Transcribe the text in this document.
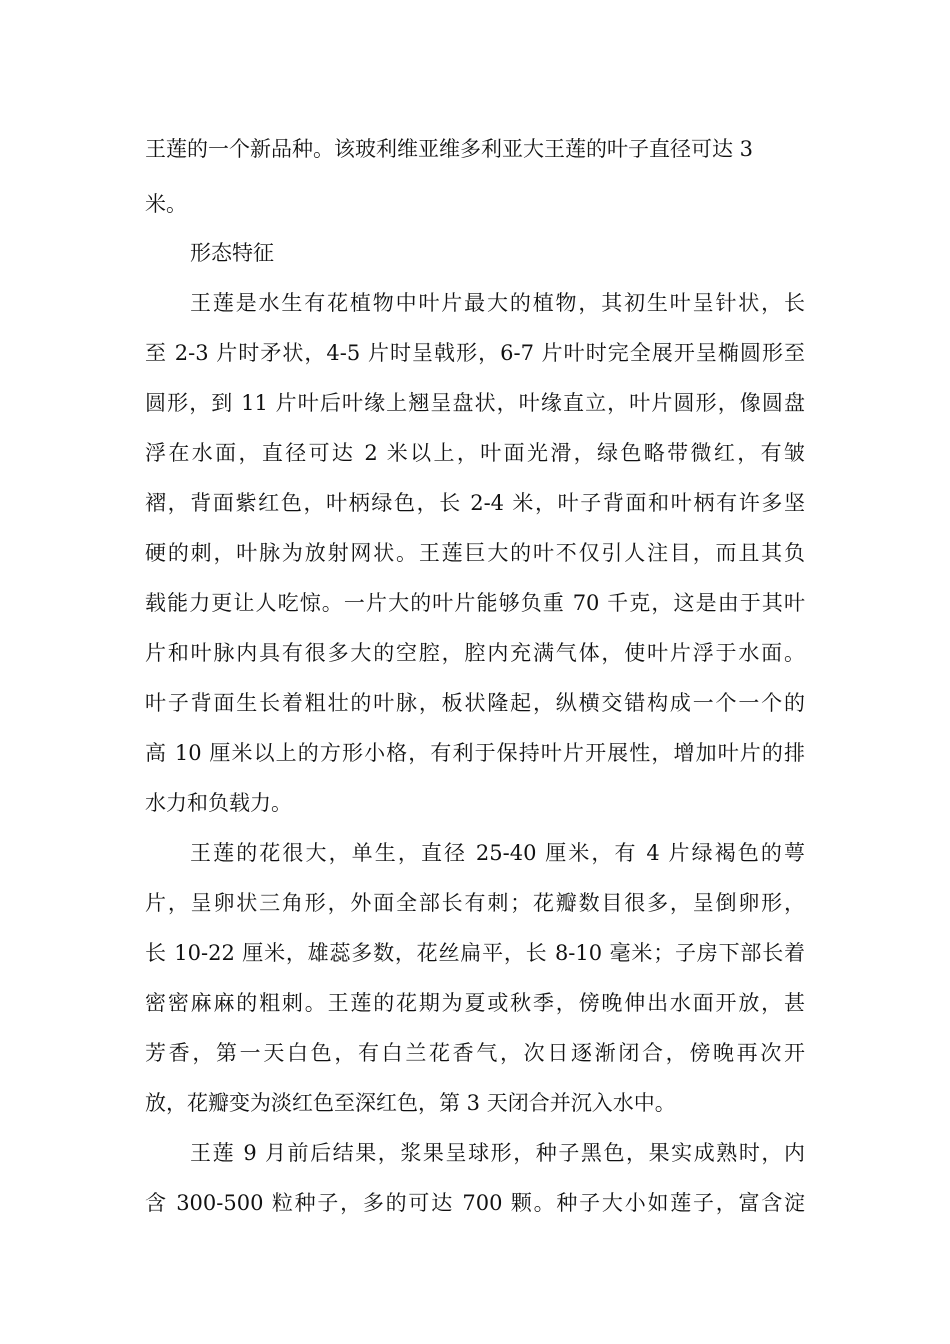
王莲的一个新品种。该玻利维亚维多利亚大王莲的叶子直径可达 3
米。
形态特征
王莲是水生有花植物中叶片最大的植物，其初生叶呈针状，长
至 2-3 片时矛状，4-5 片时呈戟形，6-7 片叶时完全展开呈椭圆形至
圆形，到 11 片叶后叶缘上翘呈盘状，叶缘直立，叶片圆形，像圆盘
浮在水面，直径可达 2 米以上，叶面光滑，绿色略带微红，有皱
褶，背面紫红色，叶柄绿色，长 2-4 米，叶子背面和叶柄有许多坚
硬的刺，叶脉为放射网状。王莲巨大的叶不仅引人注目，而且其负
载能力更让人吃惊。一片大的叶片能够负重 70 千克，这是由于其叶
片和叶脉内具有很多大的空腔，腔内充满气体，使叶片浮于水面。
叶子背面生长着粗壮的叶脉，板状隆起，纵横交错构成一个一个的
高 10 厘米以上的方形小格，有利于保持叶片开展性，增加叶片的排
水力和负载力。
王莲的花很大，单生，直径 25-40 厘米，有 4 片绿褐色的萼
片，呈卵状三角形，外面全部长有刺；花瓣数目很多，呈倒卵形，
长 10-22 厘米，雄蕊多数，花丝扁平，长 8-10 毫米；子房下部长着
密密麻麻的粗刺。王莲的花期为夏或秋季，傍晚伸出水面开放，甚
芳香，第一天白色，有白兰花香气，次日逐渐闭合，傍晚再次开
放，花瓣变为淡红色至深红色，第 3 天闭合并沉入水中。
王莲 9 月前后结果，浆果呈球形，种子黑色，果实成熟时，内
含 300-500 粒种子，多的可达 700 颗。种子大小如莲子，富含淀
